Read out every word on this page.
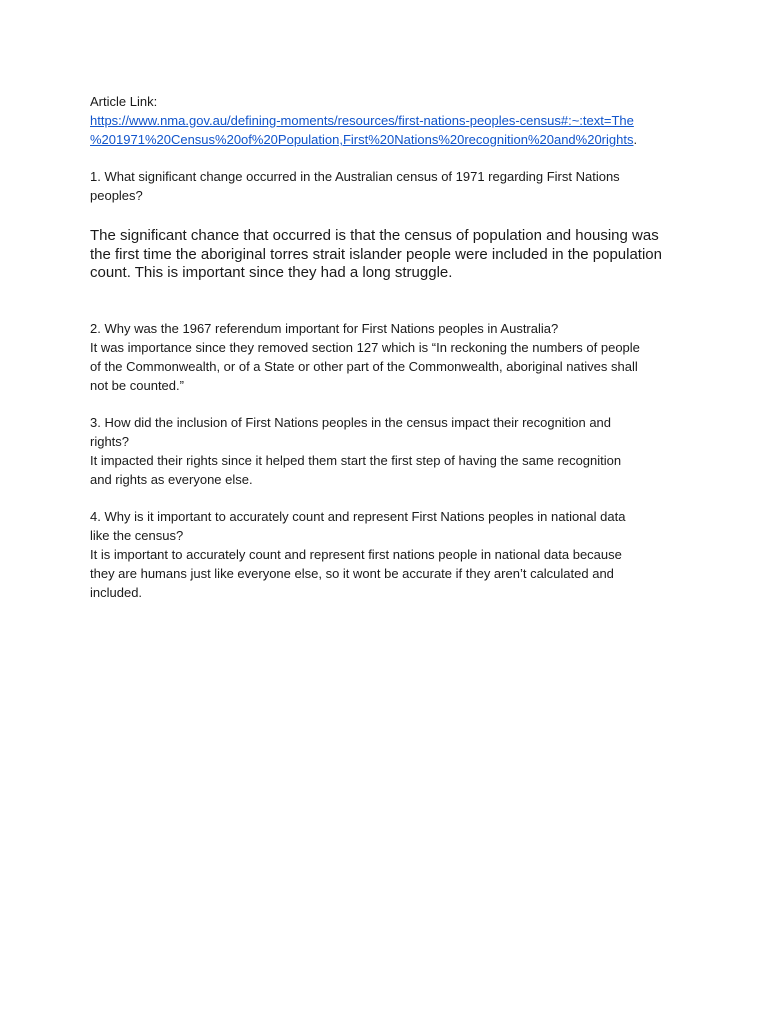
Article Link:

https://www.nma.gov.au/defining-moments/resources/first-nations-peoples-census#:~:text=The

%201971%20Census%20of%20Population,First%20Nations%20recognition%20and%20rights.

1. What significant change occurred in the Australian census of 1971 regarding First Nations

peoples?

The significant chance that occurred is that the census of population and housing was

the first time the aboriginal torres strait islander people were included in the population

count. This is important since they had a long struggle.

2. Why was the 1967 referendum important for First Nations peoples in Australia?

It was importance since they removed section 127 which is “In reckoning the numbers of people

of the Commonwealth, or of a State or other part of the Commonwealth, aboriginal natives shall

not be counted.”

3. How did the inclusion of First Nations peoples in the census impact their recognition and

rights?

It impacted their rights since it helped them start the first step of having the same recognition

and rights as everyone else.

4. Why is it important to accurately count and represent First Nations peoples in national data

like the census?

It is important to accurately count and represent first nations people in national data because

they are humans just like everyone else, so it wont be accurate if they aren’t calculated and

included.
